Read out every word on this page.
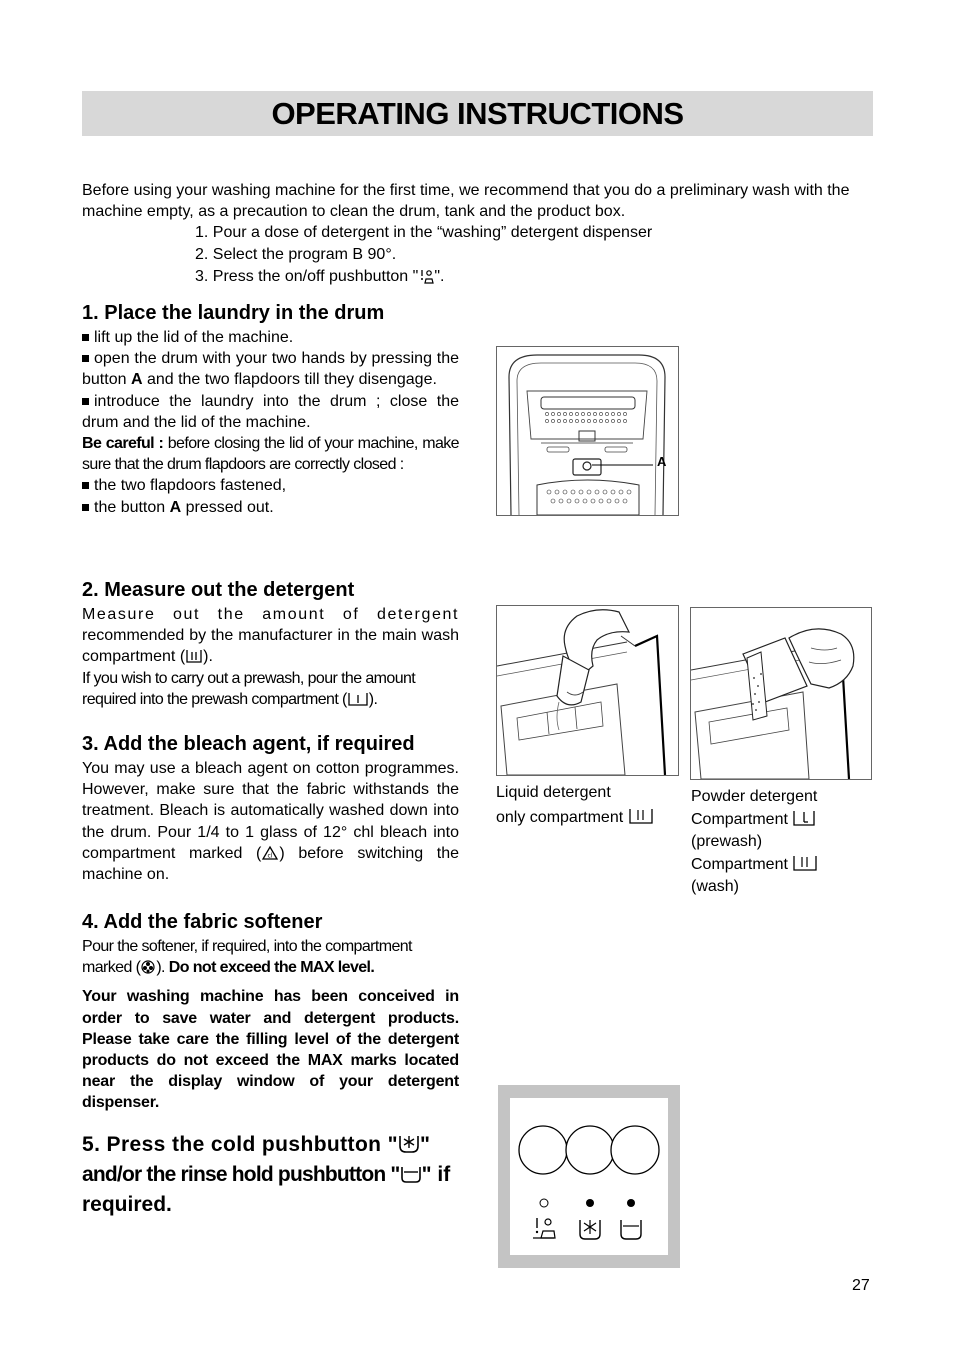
OPERATING INSTRUCTIONS

Before using your washing machine for the first time, we recommend that you do a preliminary wash with the machine empty, as a precaution to clean the drum, tank and the product box.

1. Pour a dose of detergent in the “washing” detergent dispenser
2. Select the program B 90°.
3. Press the on/off pushbutton " ".
1. Place the laundry in the drum
lift up the lid of the machine.
open the drum with your two hands by pressing the button A and the two flapdoors till they disengage.
introduce the laundry into the drum ; close the drum and the lid of the machine.
Be careful : before closing the lid of your machine, make sure that the drum flapdoors are correctly closed :
the two flapdoors fastened,
the button A pressed out.
A
2. Measure out the detergent
Measure out the amount of detergent
recommended by the manufacturer in the main wash compartment ( ).
If you wish to carry out a prewash, pour the amount required into the prewash compartment ( ).
Liquid detergent
only compartment
Powder detergent
Compartment
(prewash)
Compartment
(wash)
3. Add the bleach agent, if required
You may use a bleach agent on cotton programmes. However, make sure that the fabric withstands the treatment. Bleach is automatically washed down into the drum. Pour 1/4 to 1 glass of 12° chl bleach into compartment marked ( cl ) before switching the machine on.
4. Add the fabric softener
Pour the softener, if required, into the compartment marked ( ). Do not exceed the MAX level.
Your washing machine has been conceived in order to save water and detergent products. Please take care the filling level of the detergent products do not exceed the MAX marks located near the display window of your detergent dispenser.
5. Press the cold pushbutton " " and/or the rinse hold pushbutton " " if required.
27
